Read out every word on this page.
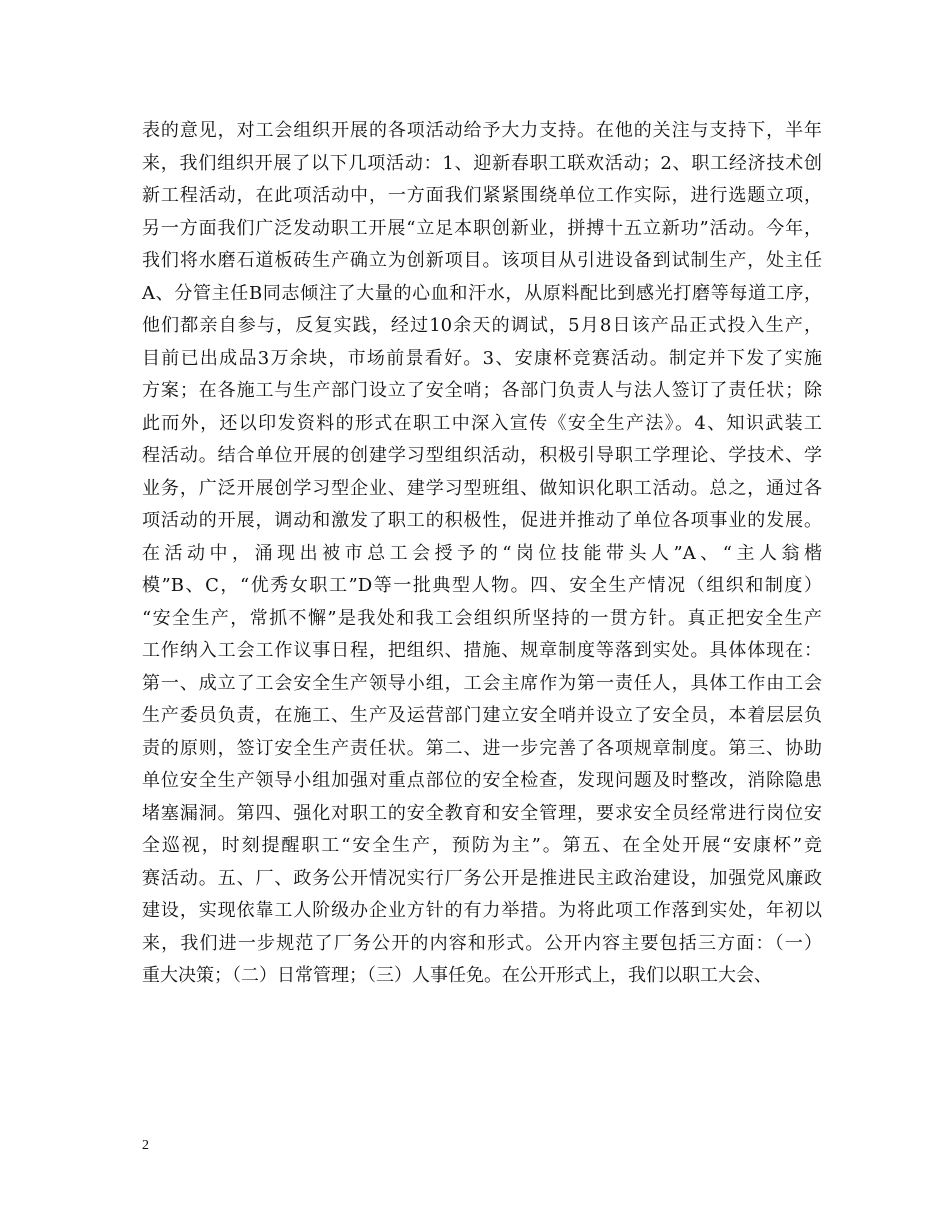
表的意见，对工会组织开展的各项活动给予大力支持。在他的关注与支持下，半年
来，我们组织开展了以下几项活动：1、迎新春职工联欢活动；2、职工经济技术创
新工程活动，在此项活动中，一方面我们紧紧围绕单位工作实际，进行选题立项，
另一方面我们广泛发动职工开展“立足本职创新业，拼搏十五立新功”活动。今年，
我们将水磨石道板砖生产确立为创新项目。该项目从引进设备到试制生产，处主任
A、分管主任B同志倾注了大量的心血和汗水，从原料配比到感光打磨等每道工序，
他们都亲自参与，反复实践，经过10余天的调试，5月8日该产品正式投入生产，
目前已出成品3万余块，市场前景看好。3、安康杯竞赛活动。制定并下发了实施
方案；在各施工与生产部门设立了安全哨；各部门负责人与法人签订了责任状；除
此而外，还以印发资料的形式在职工中深入宣传《安全生产法》。4、知识武装工
程活动。结合单位开展的创建学习型组织活动，积极引导职工学理论、学技术、学
业务，广泛开展创学习型企业、建学习型班组、做知识化职工活动。总之，通过各
项活动的开展，调动和激发了职工的积极性，促进并推动了单位各项事业的发展。
在活动中，涌现出被市总工会授予的“岗位技能带头人”A、“主人翁楷
模”B、C，“优秀女职工”D等一批典型人物。四、安全生产情况（组织和制度）
“安全生产，常抓不懈”是我处和我工会组织所坚持的一贯方针。真正把安全生产
工作纳入工会工作议事日程，把组织、措施、规章制度等落到实处。具体体现在：
第一、成立了工会安全生产领导小组，工会主席作为第一责任人，具体工作由工会
生产委员负责，在施工、生产及运营部门建立安全哨并设立了安全员，本着层层负
责的原则，签订安全生产责任状。第二、进一步完善了各项规章制度。第三、协助
单位安全生产领导小组加强对重点部位的安全检查，发现问题及时整改，消除隐患
堵塞漏洞。第四、强化对职工的安全教育和安全管理，要求安全员经常进行岗位安
全巡视，时刻提醒职工“安全生产，预防为主”。第五、在全处开展“安康杯”竞
赛活动。五、厂、政务公开情况实行厂务公开是推进民主政治建设，加强党风廉政
建设，实现依靠工人阶级办企业方针的有力举措。为将此项工作落到实处，年初以
来，我们进一步规范了厂务公开的内容和形式。公开内容主要包括三方面：（一）
重大决策；（二）日常管理；（三）人事任免。在公开形式上，我们以职工大会、
2
